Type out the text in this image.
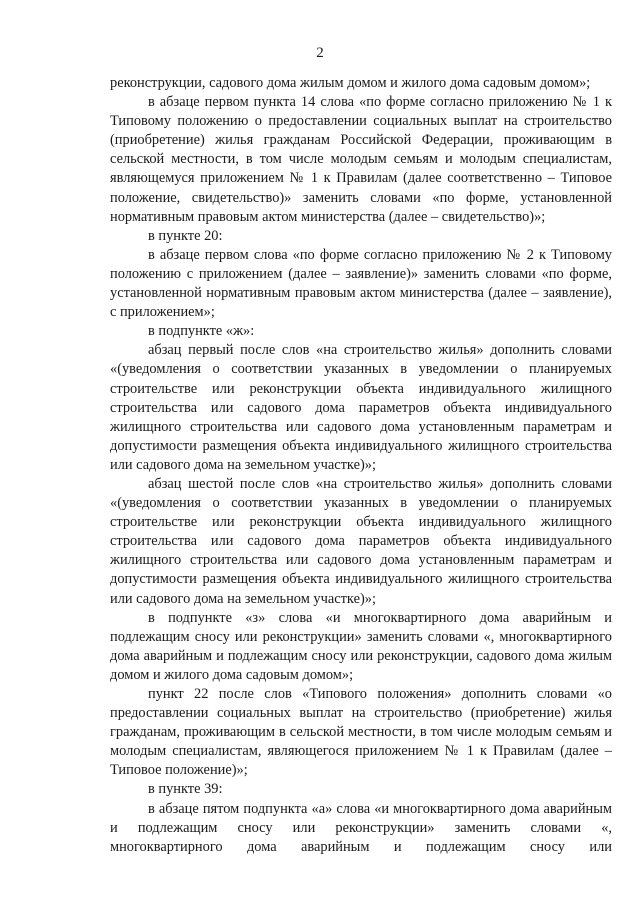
2

реконструкции, садового дома жилым домом и жилого дома садовым домом»;

в абзаце первом пункта 14 слова «по форме согласно приложению № 1 к Типовому положению о предоставлении социальных выплат на строительство (приобретение) жилья гражданам Российской Федерации, проживающим в сельской местности, в том числе молодым семьям и молодым специалистам, являющемуся приложением № 1 к Правилам (далее соответственно – Типовое положение, свидетельство)» заменить словами «по форме, установленной нормативным правовым актом министерства (далее – свидетельство)»;

в пункте 20:

в абзаце первом слова «по форме согласно приложению № 2 к Типовому положению с приложением (далее – заявление)» заменить словами «по форме, установленной нормативным правовым актом министерства (далее – заявление), с приложением»;

в подпункте «ж»:

абзац первый после слов «на строительство жилья» дополнить словами «(уведомления о соответствии указанных в уведомлении о планируемых строительстве или реконструкции объекта индивидуального жилищного строительства или садового дома параметров объекта индивидуального жилищного строительства или садового дома установленным параметрам и допустимости размещения объекта индивидуального жилищного строительства или садового дома на земельном участке)»;

абзац шестой после слов «на строительство жилья» дополнить словами «(уведомления о соответствии указанных в уведомлении о планируемых строительстве или реконструкции объекта индивидуального жилищного строительства или садового дома параметров объекта индивидуального жилищного строительства или садового дома установленным параметрам и допустимости размещения объекта индивидуального жилищного строительства или садового дома на земельном участке)»;

в подпункте «з» слова «и многоквартирного дома аварийным и подлежащим сносу или реконструкции» заменить словами «, многоквартирного дома аварийным и подлежащим сносу или реконструкции, садового дома жилым домом и жилого дома садовым домом»;

пункт 22 после слов «Типового положения» дополнить словами «о предоставлении социальных выплат на строительство (приобретение) жилья гражданам, проживающим в сельской местности, в том числе молодым семьям и молодым специалистам, являющегося приложением № 1 к Правилам (далее – Типовое положение)»;

в пункте 39:

в абзаце пятом подпункта «а» слова «и многоквартирного дома аварийным и подлежащим сносу или реконструкции» заменить словами «, многоквартирного дома аварийным и подлежащим сносу или
